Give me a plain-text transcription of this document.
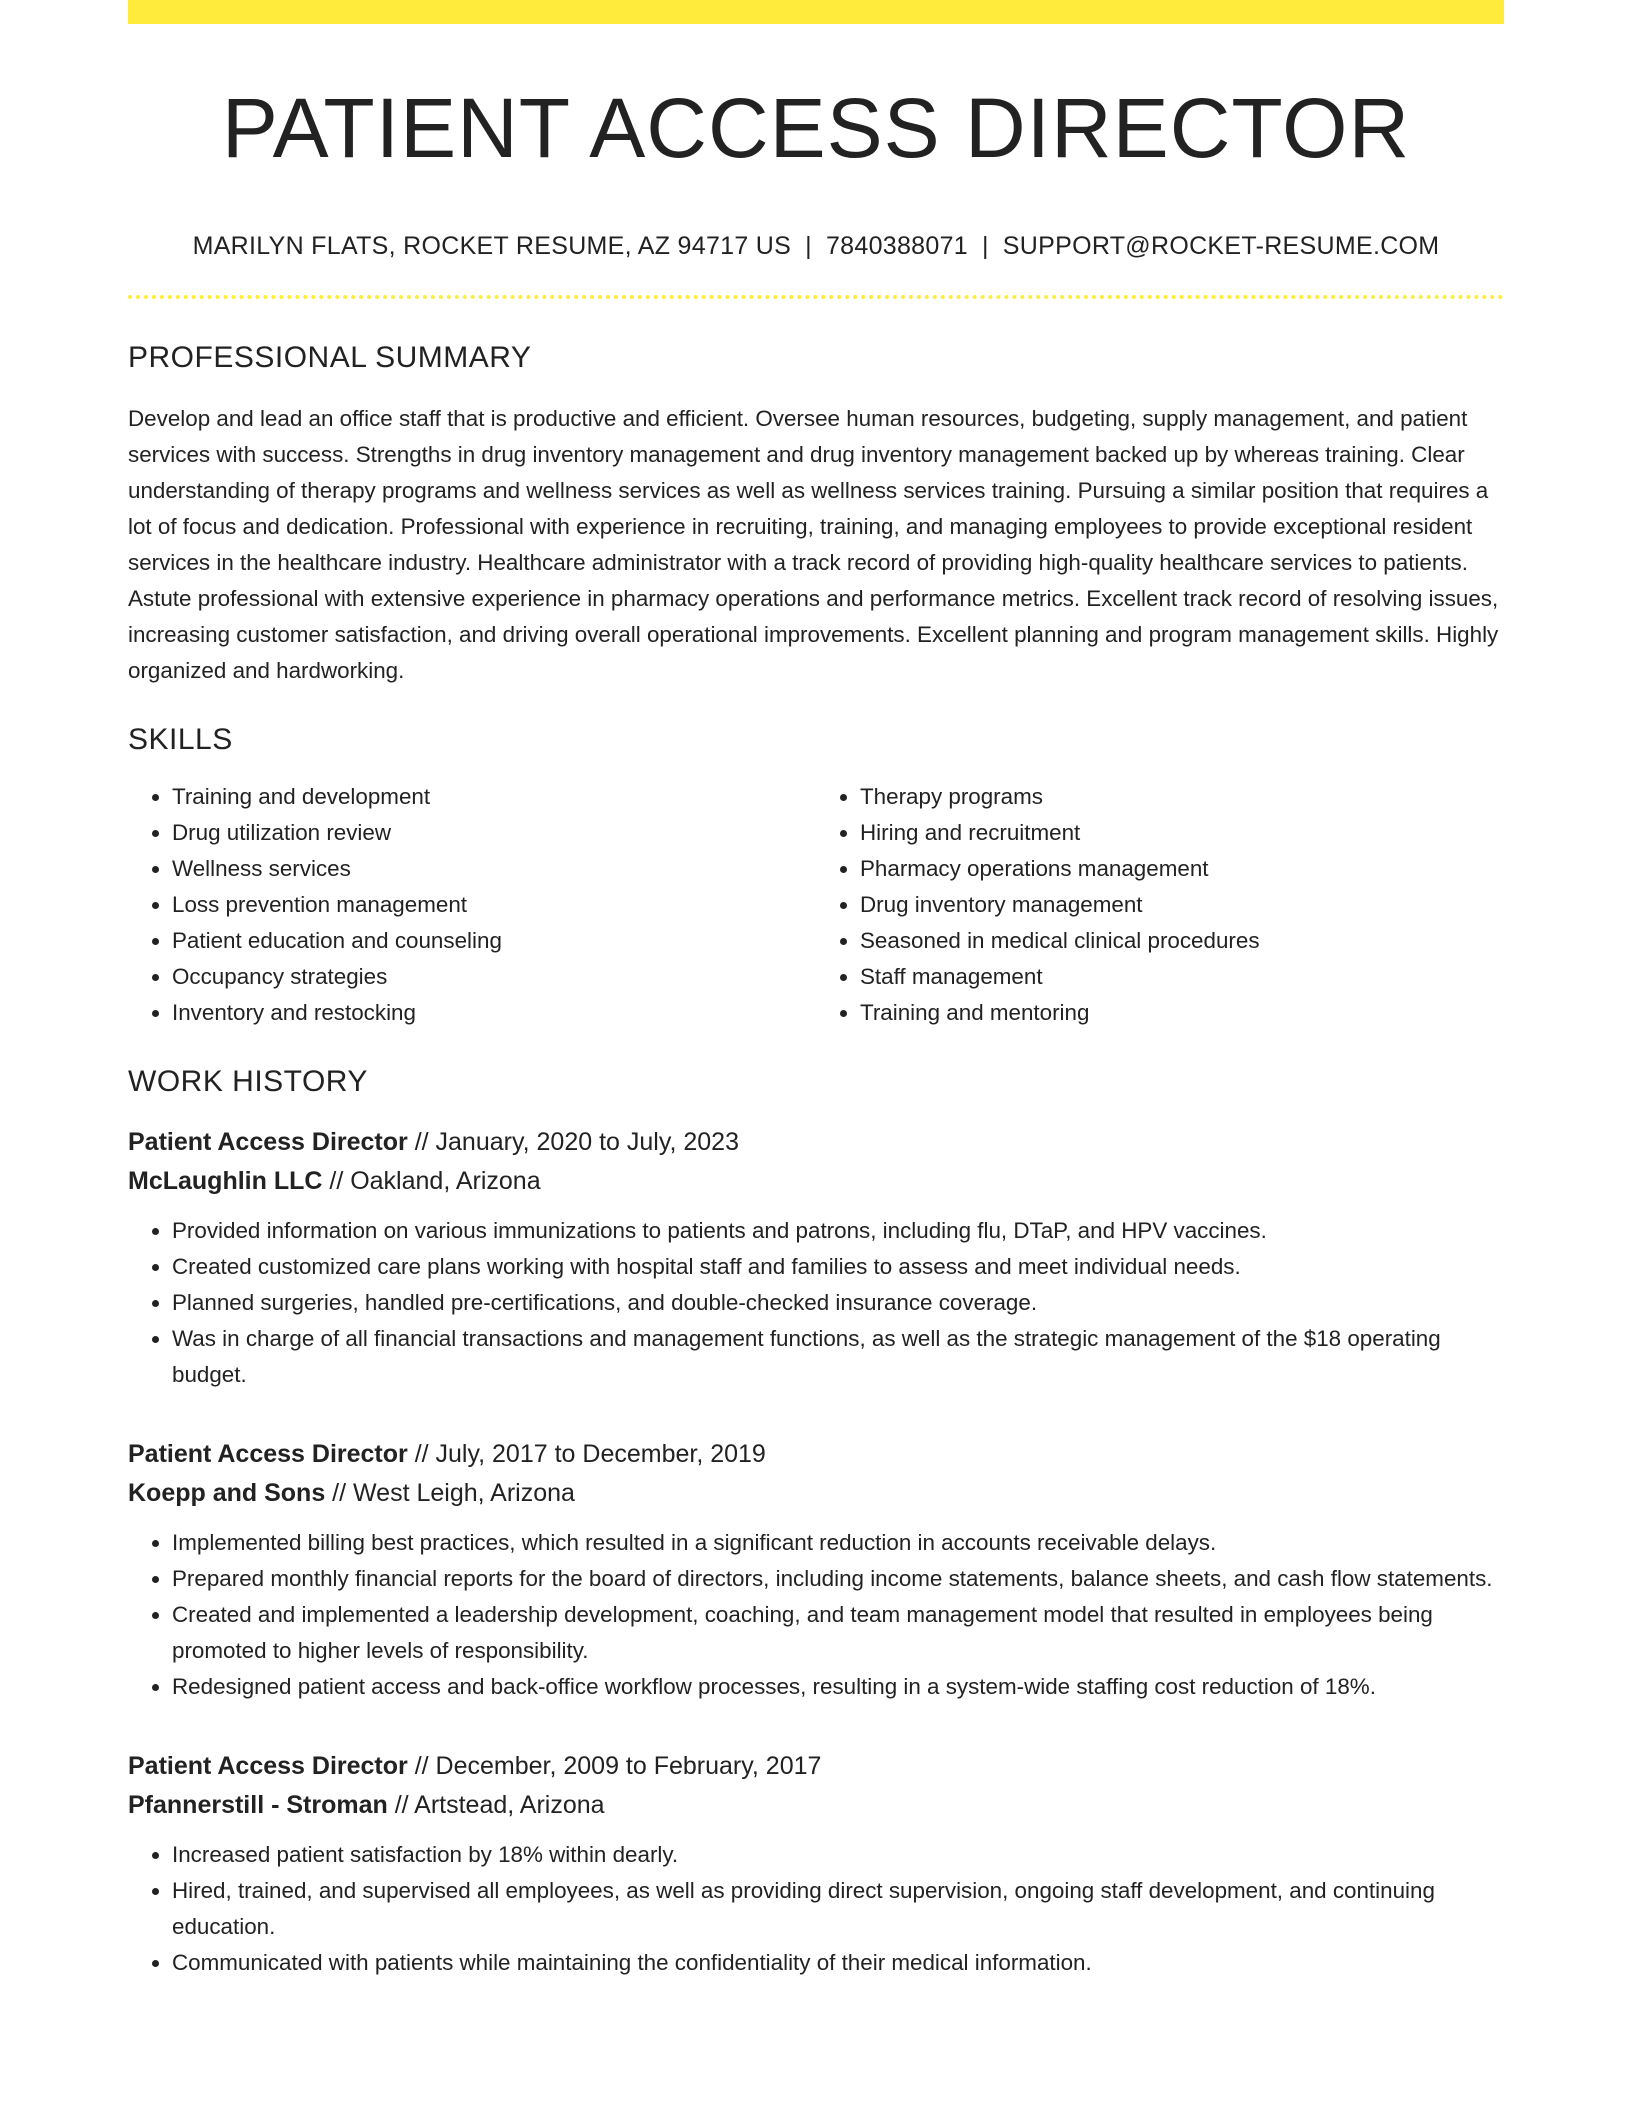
PATIENT ACCESS DIRECTOR
MARILYN FLATS, ROCKET RESUME, AZ 94717 US | 7840388071 | SUPPORT@ROCKET-RESUME.COM
PROFESSIONAL SUMMARY

Develop and lead an office staff that is productive and efficient. Oversee human resources, budgeting, supply management, and patient services with success. Strengths in drug inventory management and drug inventory management backed up by whereas training. Clear understanding of therapy programs and wellness services as well as wellness services training. Pursuing a similar position that requires a lot of focus and dedication. Professional with experience in recruiting, training, and managing employees to provide exceptional resident services in the healthcare industry. Healthcare administrator with a track record of providing high-quality healthcare services to patients. Astute professional with extensive experience in pharmacy operations and performance metrics. Excellent track record of resolving issues, increasing customer satisfaction, and driving overall operational improvements. Excellent planning and program management skills. Highly organized and hardworking.

SKILLS
• Training and development
• Drug utilization review
• Wellness services
• Loss prevention management
• Patient education and counseling
• Occupancy strategies
• Inventory and restocking
• Therapy programs
• Hiring and recruitment
• Pharmacy operations management
• Drug inventory management
• Seasoned in medical clinical procedures
• Staff management
• Training and mentoring
WORK HISTORY
Patient Access Director // January, 2020 to July, 2023
McLaughlin LLC // Oakland, Arizona
• Provided information on various immunizations to patients and patrons, including flu, DTaP, and HPV vaccines.
• Created customized care plans working with hospital staff and families to assess and meet individual needs.
• Planned surgeries, handled pre-certifications, and double-checked insurance coverage.
• Was in charge of all financial transactions and management functions, as well as the strategic management of the $18 operating budget.
Patient Access Director // July, 2017 to December, 2019
Koepp and Sons // West Leigh, Arizona
• Implemented billing best practices, which resulted in a significant reduction in accounts receivable delays.
• Prepared monthly financial reports for the board of directors, including income statements, balance sheets, and cash flow statements.
• Created and implemented a leadership development, coaching, and team management model that resulted in employees being promoted to higher levels of responsibility.
• Redesigned patient access and back-office workflow processes, resulting in a system-wide staffing cost reduction of 18%.
Patient Access Director // December, 2009 to February, 2017
Pfannerstill - Stroman // Artstead, Arizona
• Increased patient satisfaction by 18% within dearly.
• Hired, trained, and supervised all employees, as well as providing direct supervision, ongoing staff development, and continuing education.
• Communicated with patients while maintaining the confidentiality of their medical information.
